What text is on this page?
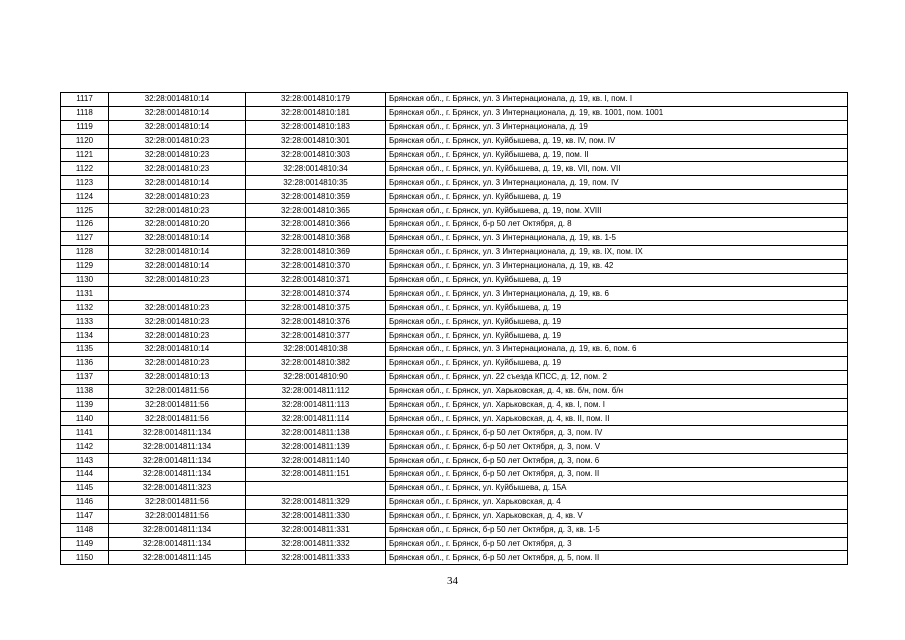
1117	32:28:0014810:14	32:28:0014810:179	Брянская обл., г. Брянск, ул. 3 Интернационала, д. 19, кв. I, пом. I
1118	32:28:0014810:14	32:28:0014810:181	Брянская обл., г. Брянск, ул. 3 Интернационала, д. 19, кв. 1001, пом. 1001
1119	32:28:0014810:14	32:28:0014810:183	Брянская обл., г. Брянск, ул. 3 Интернационала, д. 19
1120	32:28:0014810:23	32:28:0014810:301	Брянская обл., г. Брянск, ул. Куйбышева, д. 19, кв. IV, пом. IV
1121	32:28:0014810:23	32:28:0014810:303	Брянская обл., г. Брянск, ул. Куйбышева, д. 19, пом. II
1122	32:28:0014810:23	32:28:0014810:34	Брянская обл., г. Брянск, ул. Куйбышева, д. 19, кв. VII, пом. VII
1123	32:28:0014810:14	32:28:0014810:35	Брянская обл., г. Брянск, ул. 3 Интернационала, д. 19, пом. IV
1124	32:28:0014810:23	32:28:0014810:359	Брянская обл., г. Брянск, ул. Куйбышева, д. 19
1125	32:28:0014810:23	32:28:0014810:365	Брянская обл., г. Брянск, ул. Куйбышева, д. 19, пом. XVIII
1126	32:28:0014810:20	32:28:0014810:366	Брянская обл., г. Брянск, б-р 50 лет Октября, д. 8
1127	32:28:0014810:14	32:28:0014810:368	Брянская обл., г. Брянск, ул. 3 Интернационала, д. 19, кв. 1-5
1128	32:28:0014810:14	32:28:0014810:369	Брянская обл., г. Брянск, ул. 3 Интернационала, д. 19, кв. IX, пом. IX
1129	32:28:0014810:14	32:28:0014810:370	Брянская обл., г. Брянск, ул. 3 Интернационала, д. 19, кв. 42
1130	32:28:0014810:23	32:28:0014810:371	Брянская обл., г. Брянск, ул. Куйбышева, д. 19
1131		32:28:0014810:374	Брянская обл., г. Брянск, ул. 3 Интернационала, д. 19, кв. 6
1132	32:28:0014810:23	32:28:0014810:375	Брянская обл., г. Брянск, ул. Куйбышева, д. 19
1133	32:28:0014810:23	32:28:0014810:376	Брянская обл., г. Брянск, ул. Куйбышева, д. 19
1134	32:28:0014810:23	32:28:0014810:377	Брянская обл., г. Брянск, ул. Куйбышева, д. 19
1135	32:28:0014810:14	32:28:0014810:38	Брянская обл., г. Брянск, ул. 3 Интернационала, д. 19, кв. 6, пом. 6
1136	32:28:0014810:23	32:28:0014810:382	Брянская обл., г. Брянск, ул. Куйбышева, д. 19
1137	32:28:0014810:13	32:28:0014810:90	Брянская обл., г. Брянск, ул. 22 съезда КПСС, д. 12, пом. 2
1138	32:28:0014811:56	32:28:0014811:112	Брянская обл., г. Брянск, ул. Харьковская, д. 4, кв. б/н, пом. б/н
1139	32:28:0014811:56	32:28:0014811:113	Брянская обл., г. Брянск, ул. Харьковская, д. 4, кв. I, пом. I
1140	32:28:0014811:56	32:28:0014811:114	Брянская обл., г. Брянск, ул. Харьковская, д. 4, кв. II, пом. II
1141	32:28:0014811:134	32:28:0014811:138	Брянская обл., г. Брянск, б-р 50 лет Октября, д. 3, пом. IV
1142	32:28:0014811:134	32:28:0014811:139	Брянская обл., г. Брянск, б-р 50 лет Октября, д. 3, пом. V
1143	32:28:0014811:134	32:28:0014811:140	Брянская обл., г. Брянск, б-р 50 лет Октября, д. 3, пом. 6
1144	32:28:0014811:134	32:28:0014811:151	Брянская обл., г. Брянск, б-р 50 лет Октября, д. 3, пом. II
1145	32:28:0014811:323		Брянская обл., г. Брянск, ул. Куйбышева, д. 15А
1146	32:28:0014811:56	32:28:0014811:329	Брянская обл., г. Брянск, ул. Харьковская, д. 4
1147	32:28:0014811:56	32:28:0014811:330	Брянская обл., г. Брянск, ул. Харьковская, д. 4, кв. V
1148	32:28:0014811:134	32:28:0014811:331	Брянская обл., г. Брянск, б-р 50 лет Октября, д. 3, кв. 1-5
1149	32:28:0014811:134	32:28:0014811:332	Брянская обл., г. Брянск, б-р 50 лет Октября, д. 3
1150	32:28:0014811:145	32:28:0014811:333	Брянская обл., г. Брянск, б-р 50 лет Октября, д. 5, пом. II
34
